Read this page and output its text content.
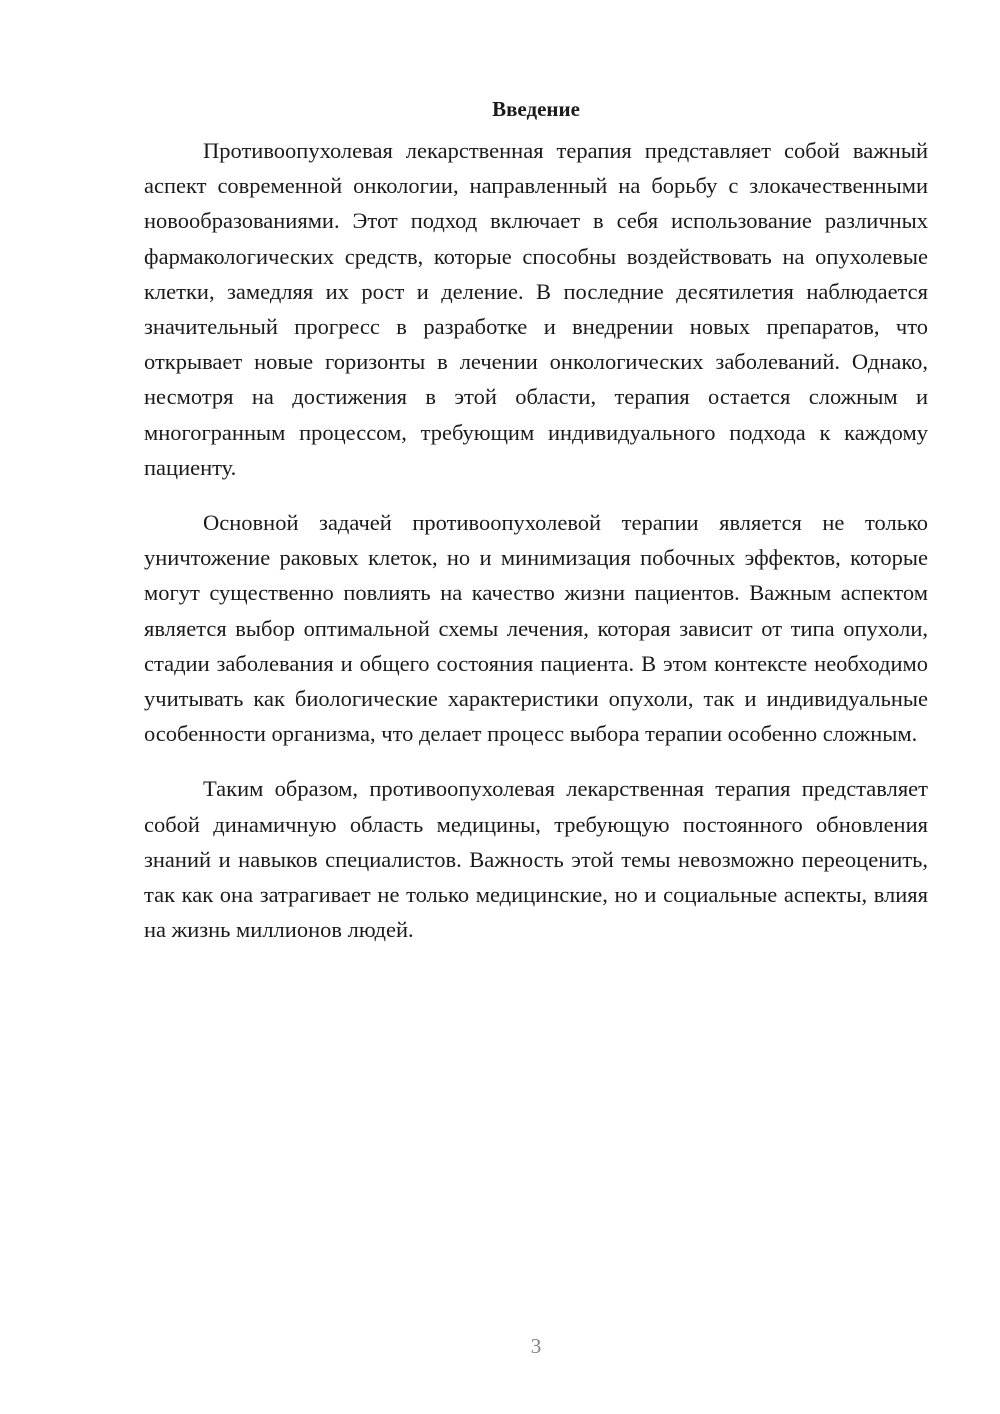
Введение

Противоопухолевая лекарственная терапия представляет собой важный аспект современной онкологии, направленный на борьбу с злокачественными новообразованиями. Этот подход включает в себя использование различных фармакологических средств, которые способны воздействовать на опухолевые клетки, замедляя их рост и деление. В последние десятилетия наблюдается значительный прогресс в разработке и внедрении новых препаратов, что открывает новые горизонты в лечении онкологических заболеваний. Однако, несмотря на достижения в этой области, терапия остается сложным и многогранным процессом, требующим индивидуального подхода к каждому пациенту.

Основной задачей противоопухолевой терапии является не только уничтожение раковых клеток, но и минимизация побочных эффектов, которые могут существенно повлиять на качество жизни пациентов. Важным аспектом является выбор оптимальной схемы лечения, которая зависит от типа опухоли, стадии заболевания и общего состояния пациента. В этом контексте необходимо учитывать как биологические характеристики опухоли, так и индивидуальные особенности организма, что делает процесс выбора терапии особенно сложным.

Таким образом, противоопухолевая лекарственная терапия представляет собой динамичную область медицины, требующую постоянного обновления знаний и навыков специалистов. Важность этой темы невозможно переоценить, так как она затрагивает не только медицинские, но и социальные аспекты, влияя на жизнь миллионов людей.

3
